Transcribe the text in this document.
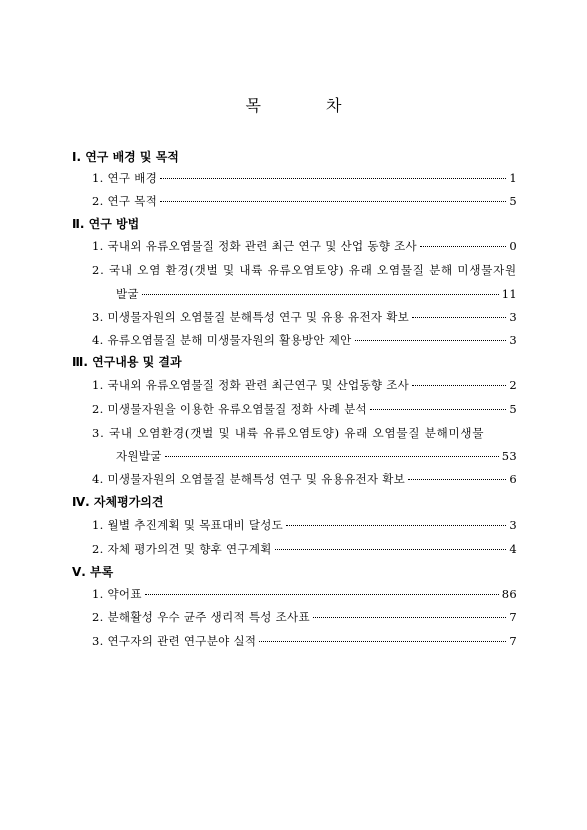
목 차
Ⅰ. 연구 배경 및 목적
1. 연구 배경	1
2. 연구 목적	5
Ⅱ. 연구 방법
1. 국내외 유류오염물질 정화 관련 최근 연구 및 산업 동향 조사	0
2. 국내 오염 환경(갯벌 및 내륙 유류오염토양) 유래 오염물질 분해 미생물자원
발굴	11
3. 미생물자원의 오염물질 분해특성 연구 및 유용 유전자 확보	3
4. 유류오염물질 분해 미생물자원의 활용방안 제안	3
Ⅲ. 연구내용 및 결과
1. 국내외 유류오염물질 정화 관련 최근연구 및 산업동향 조사	2
2. 미생물자원을 이용한 유류오염물질 정화 사례 분석	5
3. 국내 오염환경(갯벌 및 내륙 유류오염토양) 유래 오염물질 분해미생물
자원발굴	53
4. 미생물자원의 오염물질 분해특성 연구 및 유용유전자 확보	6
Ⅳ. 자체평가의견
1. 월별 추진계획 및 목표대비 달성도	3
2. 자체 평가의견 및 향후 연구계획	4
Ⅴ. 부록
1. 약어표	86
2. 분해활성 우수 균주 생리적 특성 조사표	7
3. 연구자의 관련 연구분야 실적	7
